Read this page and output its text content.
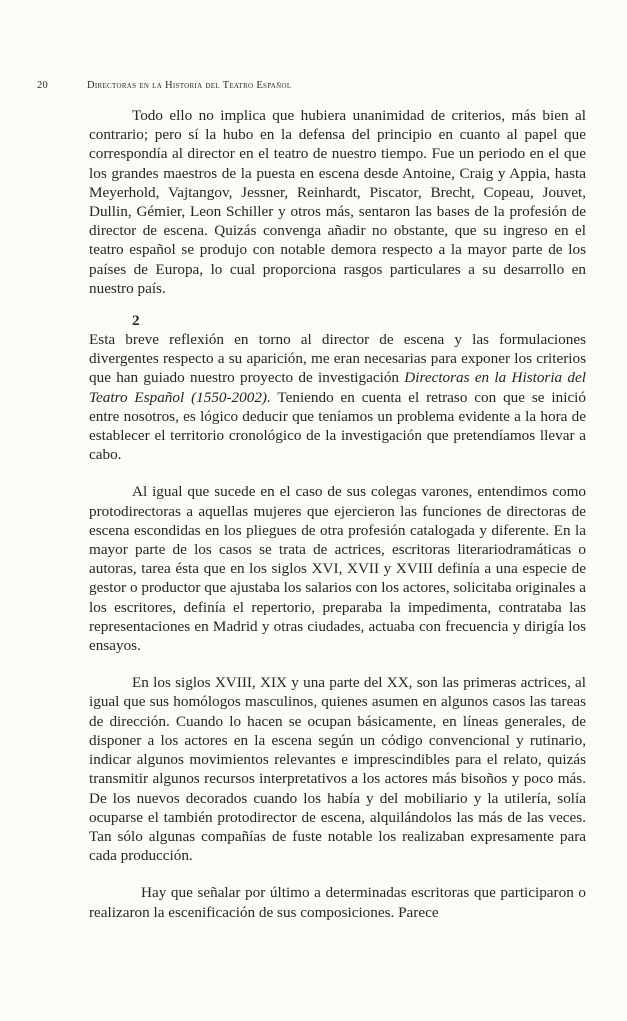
20	Directoras en la Historia del Teatro Español

Todo ello no implica que hubiera unanimidad de criterios, más bien al contrario; pero sí la hubo en la defensa del principio en cuanto al papel que correspondía al director en el teatro de nuestro tiempo. Fue un periodo en el que los grandes maestros de la puesta en escena desde Antoine, Craig y Appia, hasta Meyerhold, Vajtangov, Jessner, Reinhardt, Piscator, Brecht, Copeau, Jouvet, Dullin, Gémier, Leon Schiller y otros más, sentaron las bases de la profesión de director de escena. Quizás convenga añadir no obstante, que su ingreso en el teatro español se produjo con notable demora respecto a la mayor parte de los países de Europa, lo cual proporciona rasgos particulares a su desarrollo en nuestro país.

2

Esta breve reflexión en torno al director de escena y las formulaciones divergentes respecto a su aparición, me eran necesarias para exponer los criterios que han guiado nuestro proyecto de investigación Directoras en la Historia del Teatro Español (1550-2002). Teniendo en cuenta el retraso con que se inició entre nosotros, es lógico deducir que teníamos un problema evidente a la hora de establecer el territorio cronológico de la investigación que pretendíamos llevar a cabo.

Al igual que sucede en el caso de sus colegas varones, entendimos como protodirectoras a aquellas mujeres que ejercieron las funciones de directoras de escena escondidas en los pliegues de otra profesión catalogada y diferente. En la mayor parte de los casos se trata de actrices, escritoras literariodramáticas o autoras, tarea ésta que en los siglos XVI, XVII y XVIII definía a una especie de gestor o productor que ajustaba los salarios con los actores, solicitaba originales a los escritores, definía el repertorio, preparaba la impedimenta, contrataba las representaciones en Madrid y otras ciudades, actuaba con frecuencia y dirigía los ensayos.

En los siglos XVIII, XIX y una parte del XX, son las primeras actrices, al igual que sus homólogos masculinos, quienes asumen en algunos casos las tareas de dirección. Cuando lo hacen se ocupan básicamente, en líneas generales, de disponer a los actores en la escena según un código convencional y rutinario, indicar algunos movimientos relevantes e imprescindibles para el relato, quizás transmitir algunos recursos interpretativos a los actores más bisoños y poco más. De los nuevos decorados cuando los había y del mobiliario y la utilería, solía ocuparse el también protodirector de escena, alquilándolos las más de las veces. Tan sólo algunas compañías de fuste notable los realizaban expresamente para cada producción.

Hay que señalar por último a determinadas escritoras que participaron o realizaron la escenificación de sus composiciones. Parece
